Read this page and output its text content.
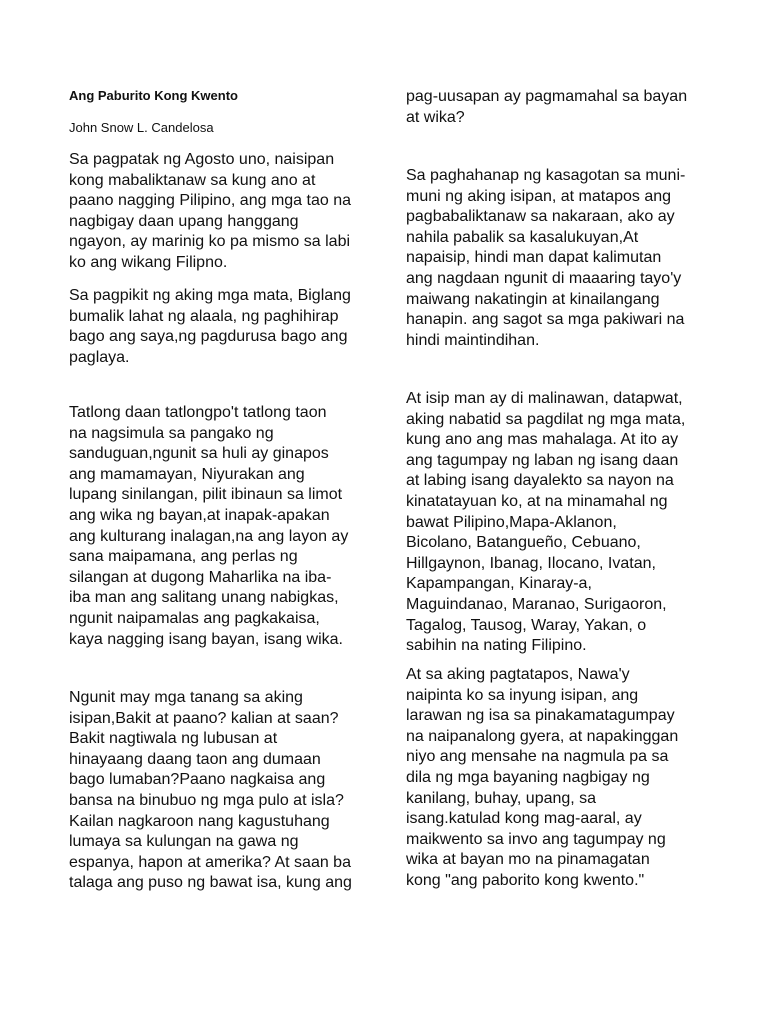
Ang Paburito Kong Kwento
John Snow L. Candelosa
Sa pagpatak ng Agosto uno, naisipan
kong mabaliktanaw sa kung ano at
paano nagging Pilipino, ang mga tao na
nagbigay daan upang hanggang
ngayon, ay marinig ko pa mismo sa labi
ko ang wikang Filipno.
Sa pagpikit ng aking mga mata, Biglang
bumalik lahat ng alaala, ng paghihirap
bago ang saya,ng pagdurusa bago ang
paglaya.
Tatlong daan tatlongpo't tatlong taon
na nagsimula sa pangako ng
sanduguan,ngunit sa huli ay ginapos
ang mamamayan, Niyurakan ang
lupang sinilangan, pilit ibinaun sa limot
ang wika ng bayan,at inapak-apakan
ang kulturang inalagan,na ang layon ay
sana maipamana, ang perlas ng
silangan at dugong Maharlika na iba-
iba man ang salitang unang nabigkas,
ngunit naipamalas ang pagkakaisa,
kaya nagging isang bayan, isang wika.
Ngunit may mga tanang sa aking
isipan,Bakit at paano? kalian at saan?
Bakit nagtiwala ng lubusan at
hinayaang daang taon ang dumaan
bago lumaban?Paano nagkaisa ang
bansa na binubuo ng mga pulo at isla?
Kailan nagkaroon nang kagustuhang
lumaya sa kulungan na gawa ng
espanya, hapon at amerika? At saan ba
talaga ang puso ng bawat isa, kung ang
pag-uusapan ay pagmamahal sa bayan
at wika?
Sa paghahanap ng kasagotan sa muni-
muni ng aking isipan, at matapos ang
pagbabaliktanaw sa nakaraan, ako ay
nahila pabalik sa kasalukuyan,At
napaisip, hindi man dapat kalimutan
ang nagdaan ngunit di maaaring tayo'y
maiwang nakatingin at kinailangang
hanapin. ang sagot sa mga pakiwari na
hindi maintindihan.
At isip man ay di malinawan, datapwat,
aking nabatid sa pagdilat ng mga mata,
kung ano ang mas mahalaga. At ito ay
ang tagumpay ng laban ng isang daan
at labing isang dayalekto sa nayon na
kinatatayuan ko, at na minamahal ng
bawat Pilipino,Mapa-Aklanon,
Bicolano, Batangueño, Cebuano,
Hillgaynon, Ibanag, Ilocano, Ivatan,
Kapampangan, Kinaray-a,
Maguindanao, Maranao, Surigaoron,
Tagalog, Tausog, Waray, Yakan, o
sabihin na nating Filipino.
At sa aking pagtatapos, Nawa'y
naipinta ko sa inyung isipan, ang
larawan ng isa sa pinakamatagumpay
na naipanalong gyera, at napakinggan
niyo ang mensahe na nagmula pa sa
dila ng mga bayaning nagbigay ng
kanilang, buhay, upang, sa
isang.katulad kong mag-aaral, ay
maikwento sa invo ang tagumpay ng
wika at bayan mo na pinamagatan
kong "ang paborito kong kwento."
